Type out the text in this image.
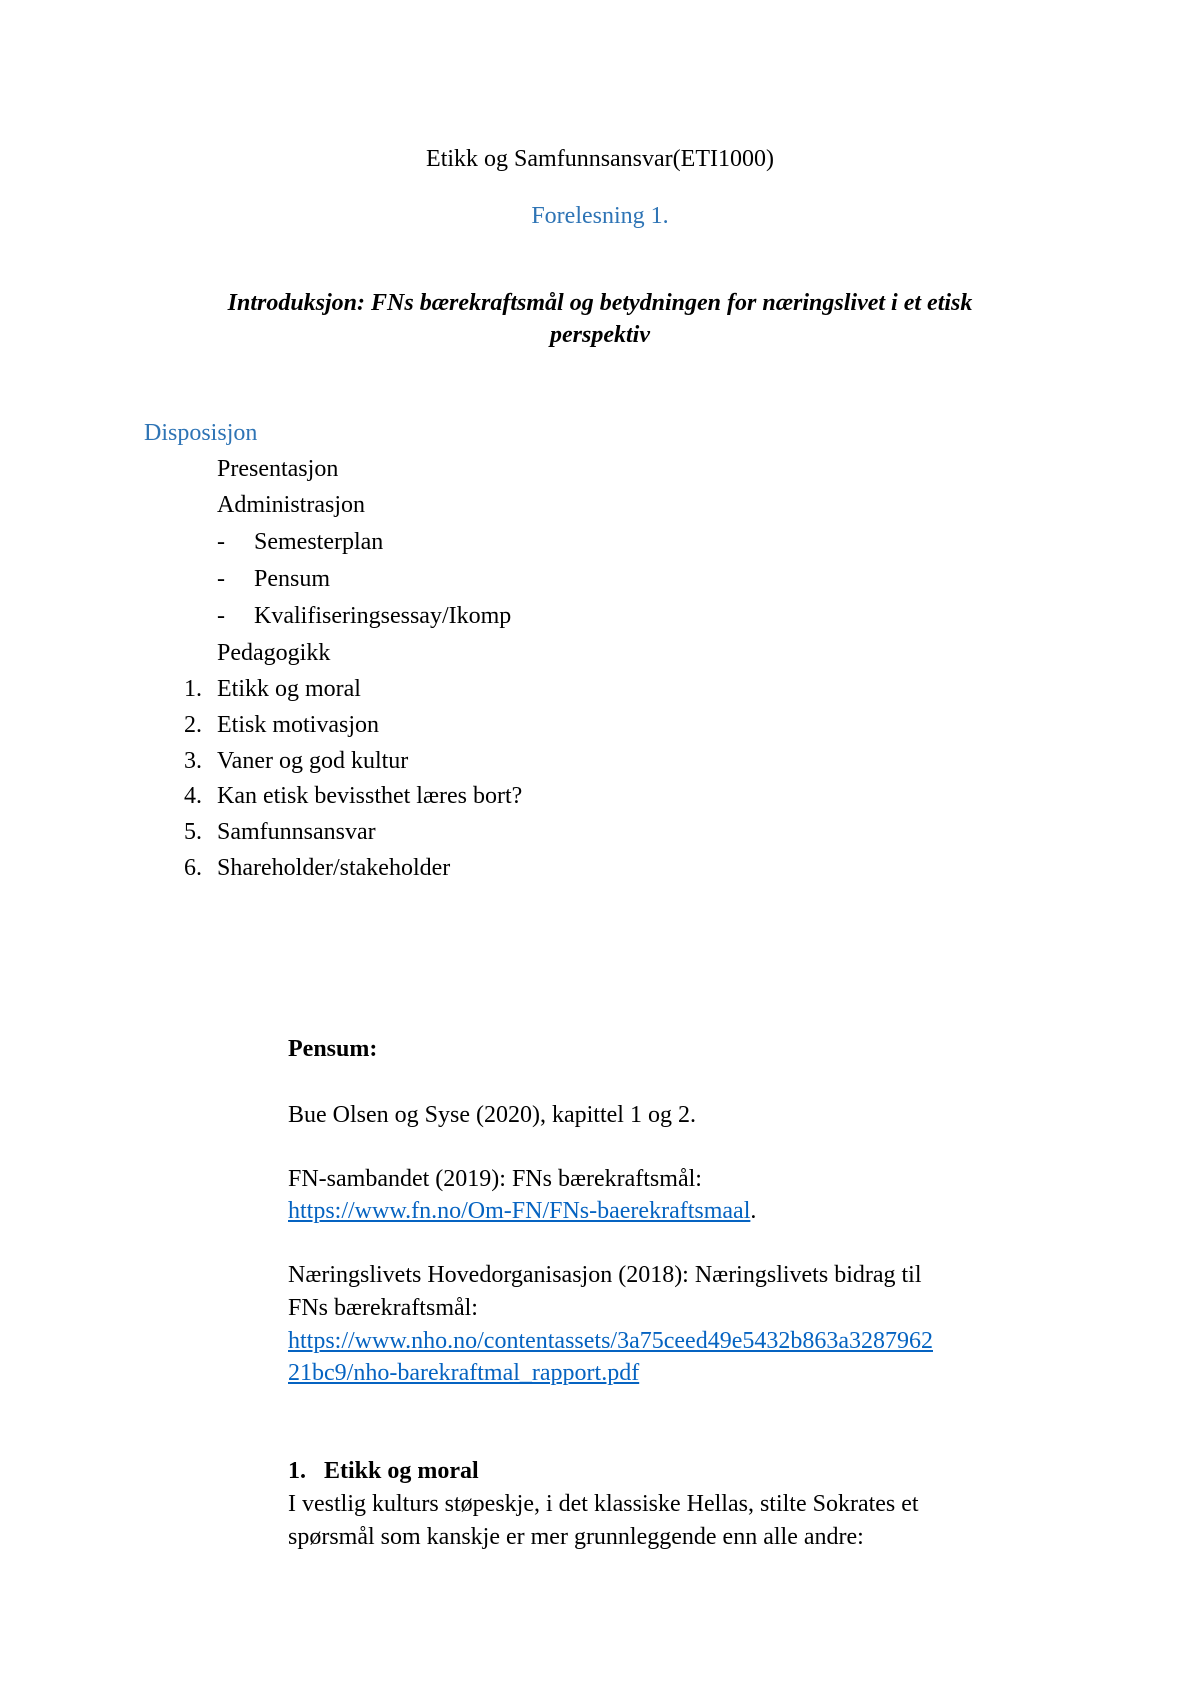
Etikk og Samfunnsansvar(ETI1000)
Forelesning 1.
Introduksjon: FNs bærekraftsmål og betydningen for næringslivet i et etisk
perspektiv
Disposisjon
Presentasjon
Administrasjon
- Semesterplan
- Pensum
- Kvalifiseringsessay/Ikomp
Pedagogikk
1. Etikk og moral
2. Etisk motivasjon
3. Vaner og god kultur
4. Kan etisk bevissthet læres bort?
5. Samfunnsansvar
6. Shareholder/stakeholder
Pensum:
Bue Olsen og Syse (2020), kapittel 1 og 2.
FN-sambandet (2019): FNs bærekraftsmål:
https://www.fn.no/Om-FN/FNs-baerekraftsmaal.
Næringslivets Hovedorganisasjon (2018): Næringslivets bidrag til
FNs bærekraftsmål:
https://www.nho.no/contentassets/3a75ceed49e5432b863a3287962
21bc9/nho-barekraftmal_rapport.pdf
1. Etikk og moral
I vestlig kulturs støpeskje, i det klassiske Hellas, stilte Sokrates et
spørsmål som kanskje er mer grunnleggende enn alle andre:
